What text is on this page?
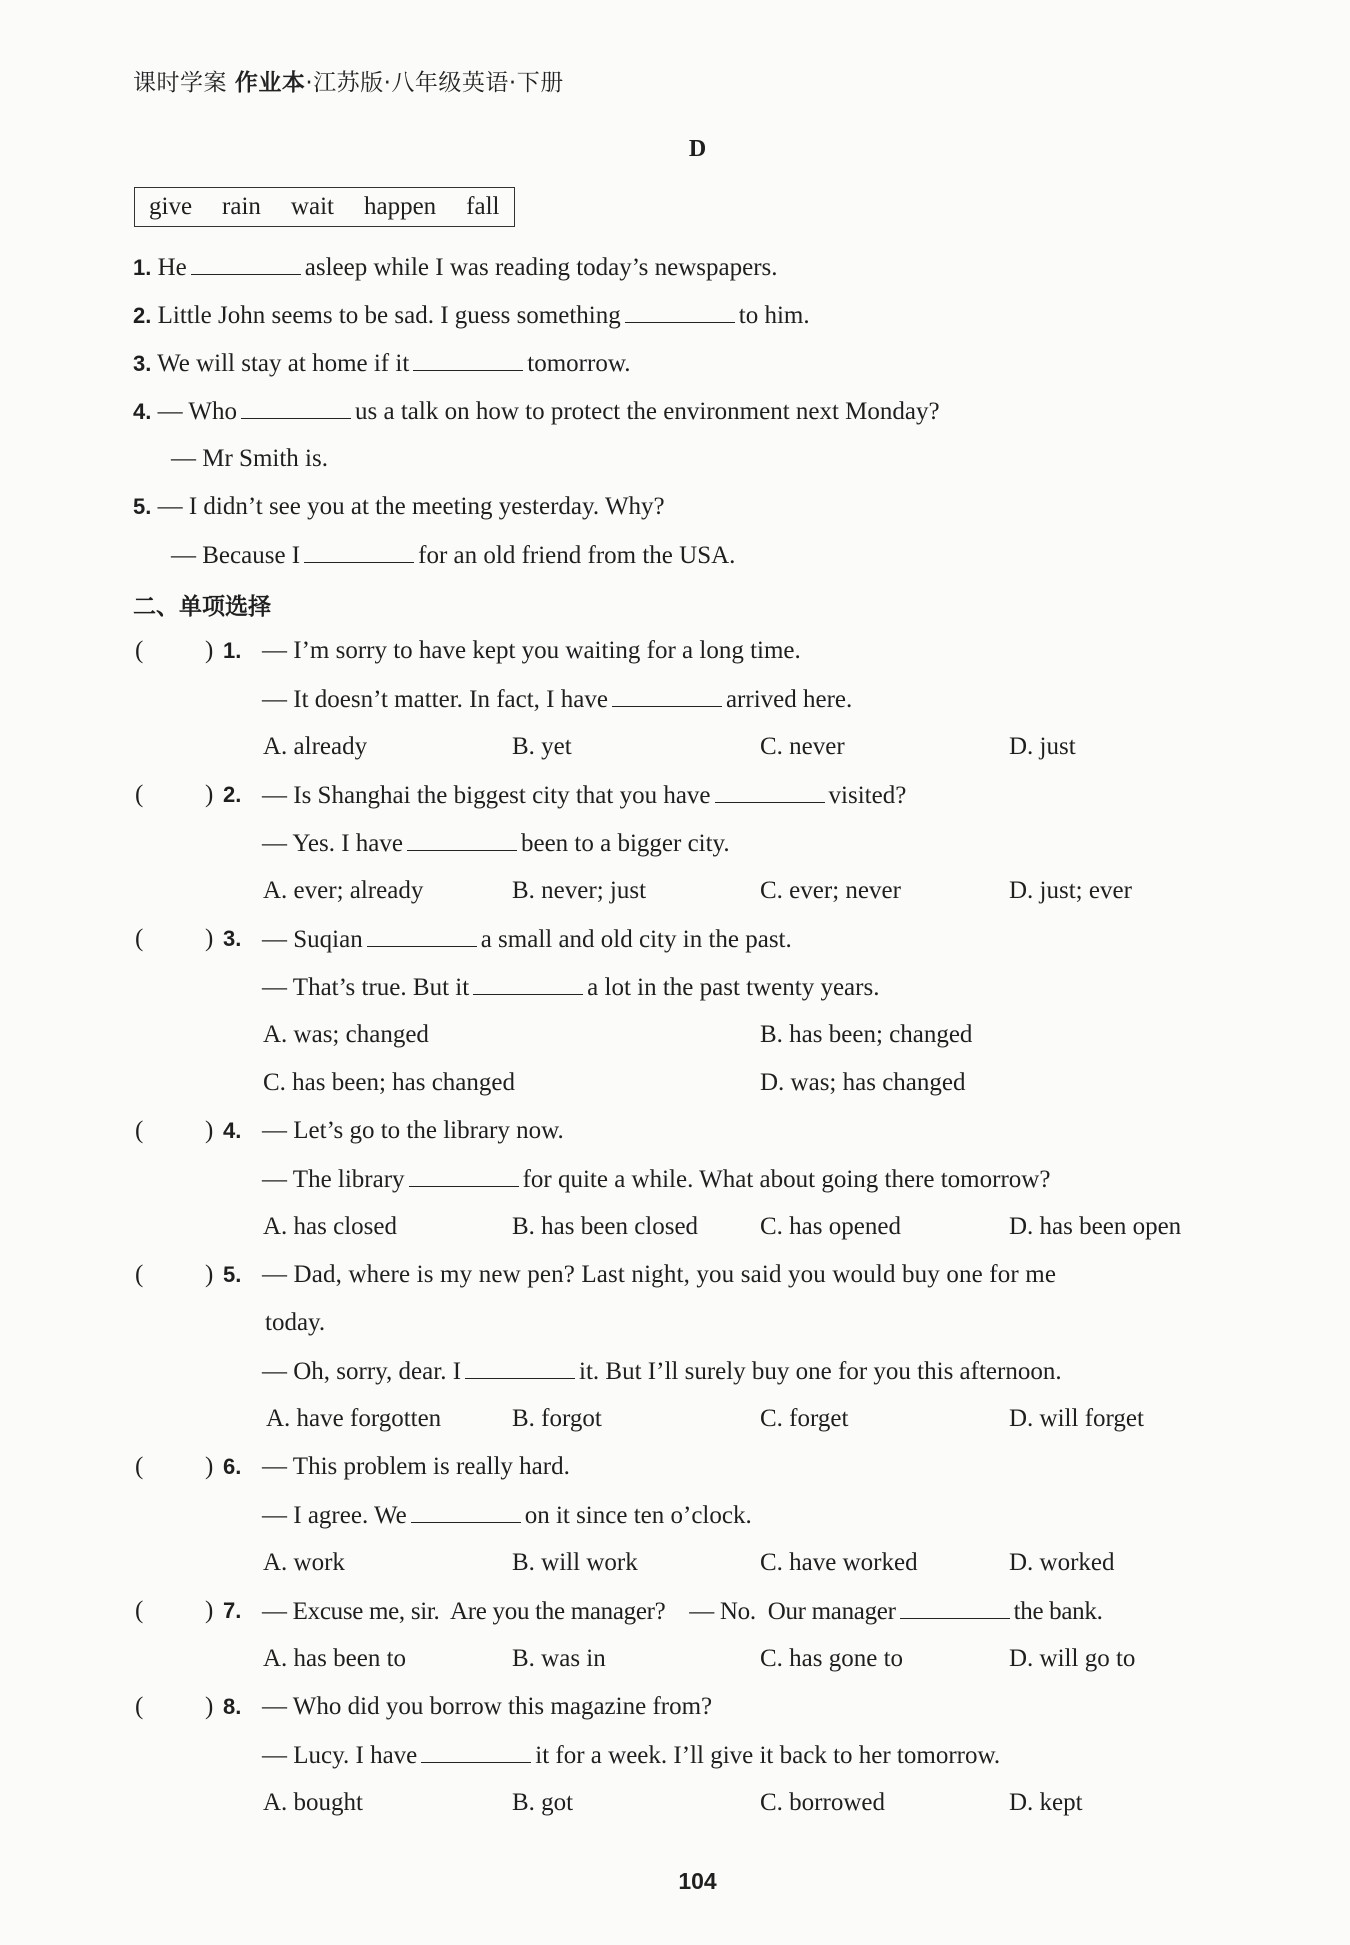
课时学案 作业本·江苏版·八年级英语·下册
D
give rain wait happen fall
1. He	asleep while I was reading today’s newspapers.
2. Little John seems to be sad. I guess something	to him.
3. We will stay at home if it	tomorrow.
4. — Who	us a talk on how to protect the environment next Monday?
— Mr Smith is.
5. — I didn’t see you at the meeting yesterday. Why?
— Because I	for an old friend from the USA.
二、单项选择
( ) 1. — I’m sorry to have kept you waiting for a long time.
— It doesn’t matter. In fact, I have	arrived here.
A. already	B. yet	C. never	D. just
( ) 2. — Is Shanghai the biggest city that you have	visited?
— Yes. I have	been to a bigger city.
A. ever; already	B. never; just	C. ever; never	D. just; ever
( ) 3. — Suqian	a small and old city in the past.
— That’s true. But it	a lot in the past twenty years.
A. was; changed	B. has been; changed
C. has been; has changed	D. was; has changed
( ) 4. — Let’s go to the library now.
— The library	for quite a while. What about going there tomorrow?
A. has closed	B. has been closed C. has opened	D. has been open
( ) 5. — Dad, where is my new pen? Last night, you said you would buy one for me
today.
— Oh, sorry, dear. I	it. But I’ll surely buy one for you this afternoon.
A. have forgotten	B. forgot	C. forget	D. will forget
( ) 6. — This problem is really hard.
— I agree. We	on it since ten o’clock.
A. work	B. will work	C. have worked	D. worked
( ) 7. — Excuse me, sir.  Are you the manager?    — No.  Our manager	the bank.
A. has been to	B. was in	C. has gone to	D. will go to
( ) 8. — Who did you borrow this magazine from?
— Lucy. I have	it for a week. I’ll give it back to her tomorrow.
A. bought	B. got	C. borrowed	D. kept
104
